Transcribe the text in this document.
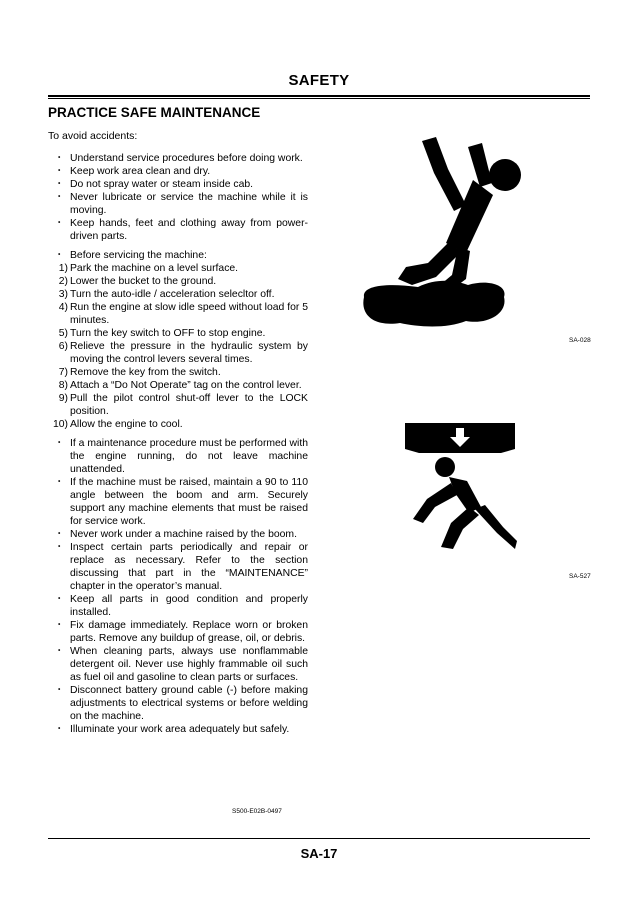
SAFETY
PRACTICE SAFE MAINTENANCE
To avoid accidents:
・ Understand service procedures before doing work.
・ Keep work area clean and dry.
・ Do not spray water or steam inside cab.
・ Never lubricate or service the machine while it is moving.
・ Keep hands, feet and clothing away from power-driven parts.
・ Before servicing the machine:
1) Park the machine on a level surface.
2) Lower the bucket to the ground.
3) Turn the auto-idle / acceleration selecltor off.
4) Run the engine at slow idle speed without load for 5 minutes.
5) Turn the key switch to OFF to stop engine.
6) Relieve the pressure in the hydraulic system by moving the control levers several times.
7) Remove the key from the switch.
8) Attach a “Do Not Operate” tag on the control lever.
9) Pull the pilot control shut-off lever to the LOCK position.
10) Allow the engine to cool.
・ If a maintenance procedure must be performed with the engine running, do not leave machine unattended.
・ If the machine must be raised, maintain a 90 to 110 angle between the boom and arm. Securely support any machine elements that must be raised for service work.
・ Never work under a machine raised by the boom.
・ Inspect certain parts periodically and repair or replace as necessary. Refer to the section discussing that part in the “MAINTENANCE” chapter in the operator’s manual.
・ Keep all parts in good condition and properly installed.
・ Fix damage immediately. Replace worn or broken parts. Remove any buildup of grease, oil, or debris.
・ When cleaning parts, always use nonflammable detergent oil. Never use highly frammable oil such as fuel oil and gasoline to clean parts or surfaces.
・ Disconnect battery ground cable (-) before making adjustments to electrical systems or before welding on the machine.
・ Illuminate your work area adequately but safely.
S500-E02B-0497
SA-028
SA-527
SA-17
